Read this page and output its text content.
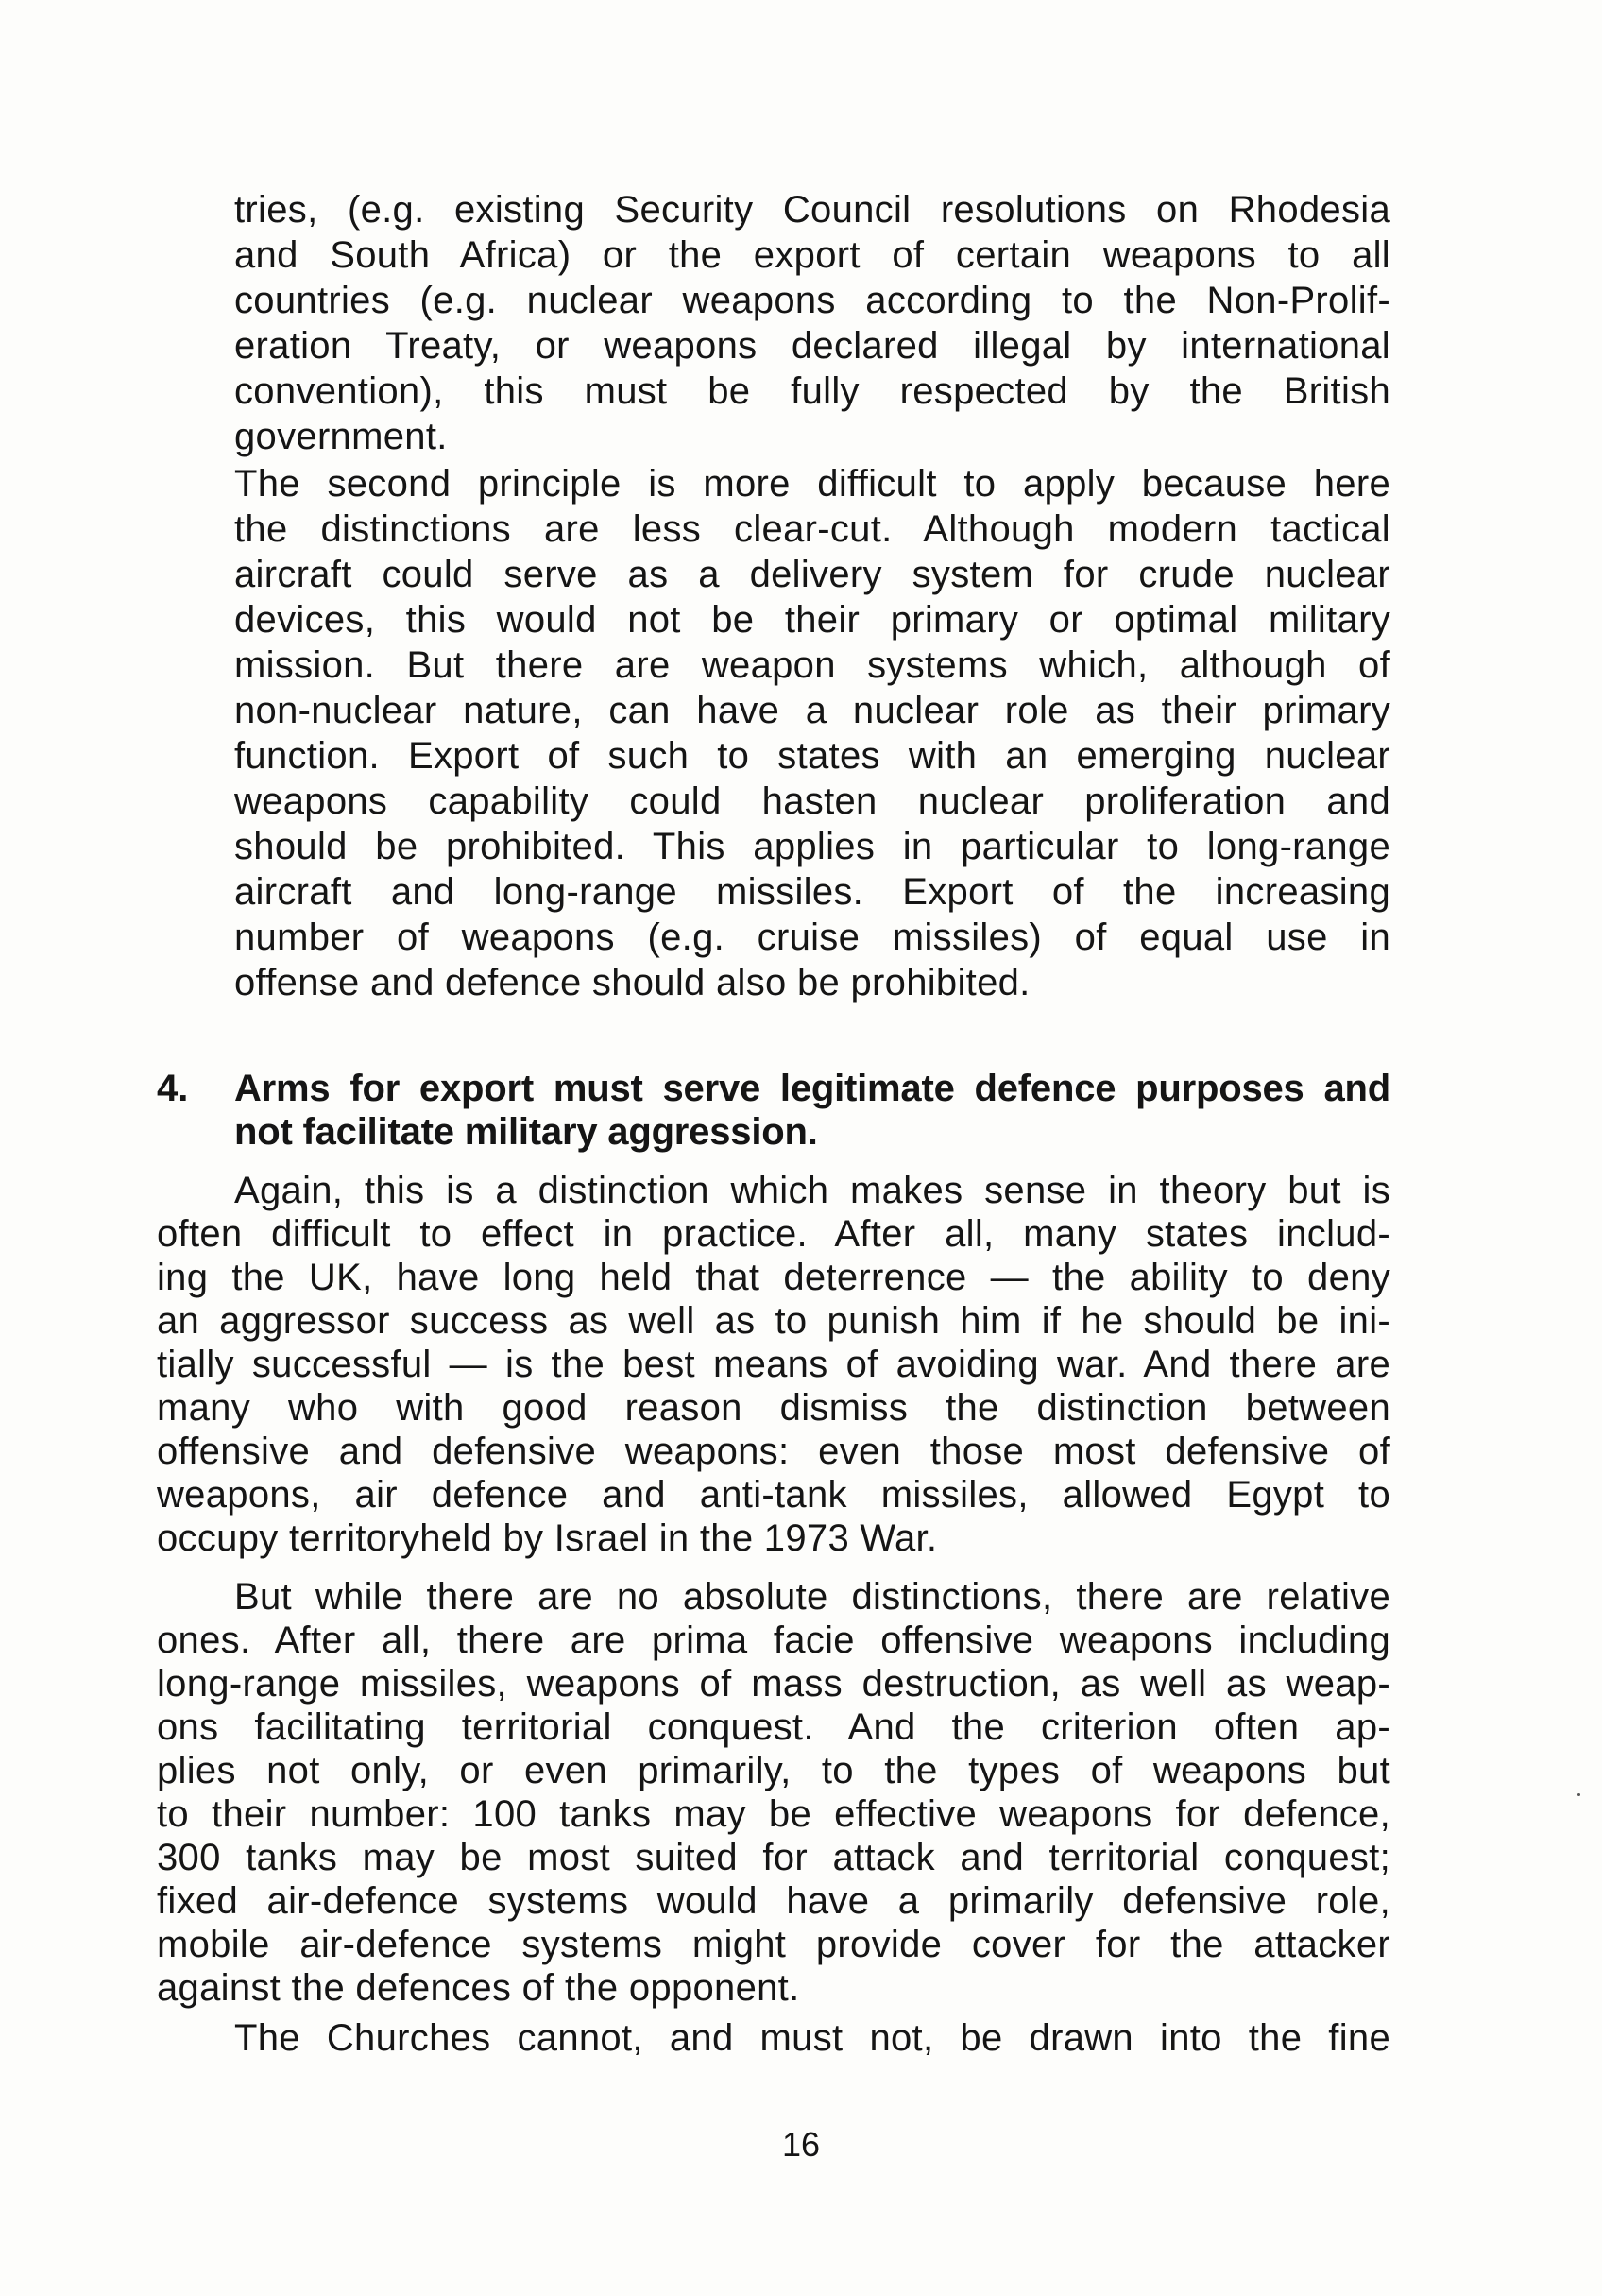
tries, (e.g. existing Security Council resolutions on Rhodesia
and South Africa) or the export of certain weapons to all
countries (e.g. nuclear weapons according to the Non-Prolif-
eration Treaty, or weapons declared illegal by international
convention), this must be fully respected by the British
government.
The second principle is more difficult to apply because here
the distinctions are less clear-cut. Although modern tactical
aircraft could serve as a delivery system for crude nuclear
devices, this would not be their primary or optimal military
mission. But there are weapon systems which, although of
non-nuclear nature, can have a nuclear role as their primary
function. Export of such to states with an emerging nuclear
weapons capability could hasten nuclear proliferation and
should be prohibited. This applies in particular to long-range
aircraft and long-range missiles. Export of the increasing
number of weapons (e.g. cruise missiles) of equal use in
offense and defence should also be prohibited.
4.	Arms for export must serve legitimate defence purposes and
not facilitate military aggression.
Again, this is a distinction which makes sense in theory but is
often difficult to effect in practice. After all, many states includ-
ing the UK, have long held that deterrence — the ability to deny
an aggressor success as well as to punish him if he should be ini-
tially successful — is the best means of avoiding war. And there are
many who with good reason dismiss the distinction between
offensive and defensive weapons: even those most defensive of
weapons, air defence and anti-tank missiles, allowed Egypt to
occupy territoryheld by Israel in the 1973 War.
But while there are no absolute distinctions, there are relative
ones. After all, there are prima facie offensive weapons including
long-range missiles, weapons of mass destruction, as well as weap-
ons facilitating territorial conquest. And the criterion often ap-
plies not only, or even primarily, to the types of weapons but
to their number: 100 tanks may be effective weapons for defence,
300 tanks may be most suited for attack and territorial conquest;
fixed air-defence systems would have a primarily defensive role,
mobile air-defence systems might provide cover for the attacker
against the defences of the opponent.
The Churches cannot, and must not, be drawn into the fine
16
